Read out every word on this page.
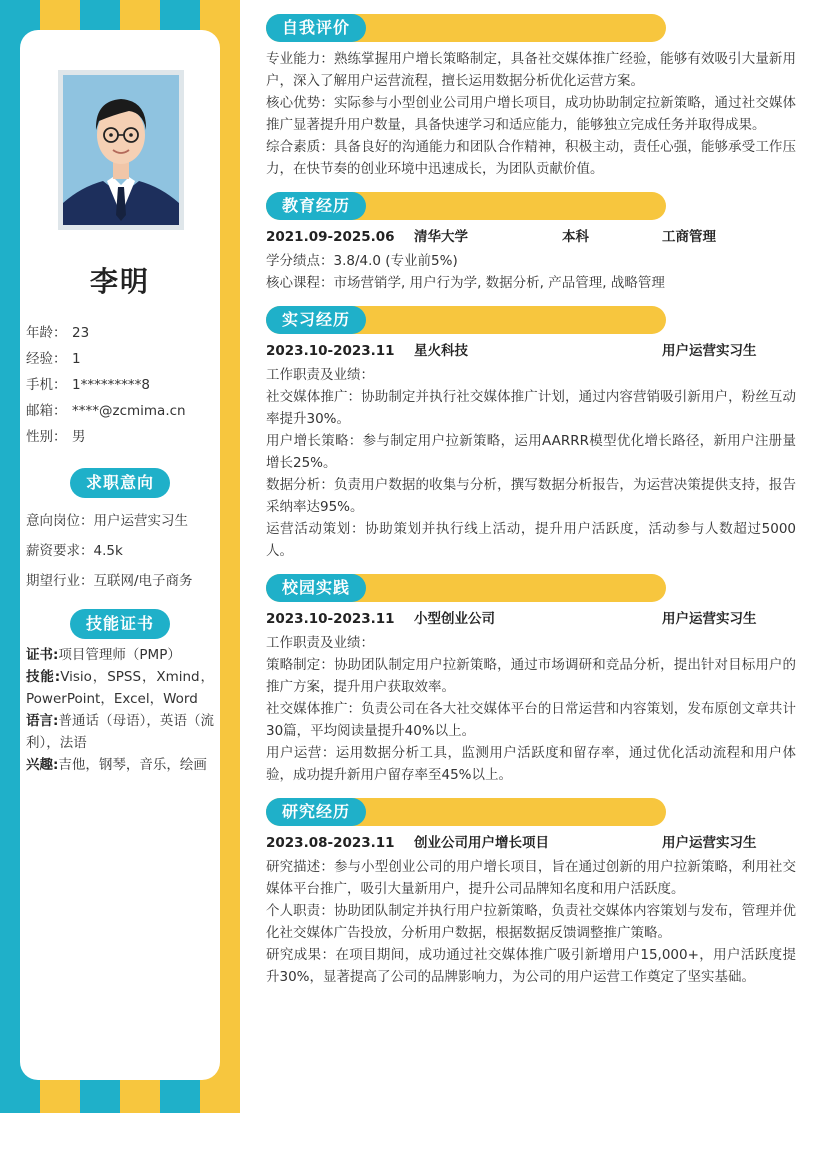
李明
年龄： 23
经验： 1
手机： 1*********8
邮箱： ****@zcmima.cn
性别： 男
求职意向
意向岗位：用户运营实习生
薪资要求：4.5k
期望行业：互联网/电子商务
技能证书

证书:项目管理师（PMP）

技能:Visio，SPSS，Xmind，PowerPoint，Excel，Word

语言:普通话（母语），英语（流利），法语

兴趣:吉他，钢琴，音乐，绘画

自我评价

专业能力：熟练掌握用户增长策略制定，具备社交媒体推广经验，能够有效吸引大量新用户，深入了解用户运营流程，擅长运用数据分析优化运营方案。

核心优势：实际参与小型创业公司用户增长项目，成功协助制定拉新策略，通过社交媒体推广显著提升用户数量，具备快速学习和适应能力，能够独立完成任务并取得成果。

综合素质：具备良好的沟通能力和团队合作精神，积极主动，责任心强，能够承受工作压力，在快节奏的创业环境中迅速成长，为团队贡献价值。

教育经历
2021.09-2025.06	清华大学	本科	工商管理

学分绩点：3.8/4.0 (专业前5%)

核心课程：市场营销学, 用户行为学, 数据分析, 产品管理, 战略管理

实习经历
2023.10-2023.11	星火科技	用户运营实习生

工作职责及业绩：

社交媒体推广：协助制定并执行社交媒体推广计划，通过内容营销吸引新用户，粉丝互动率提升30%。

用户增长策略：参与制定用户拉新策略，运用AARRR模型优化增长路径，新用户注册量增长25%。

数据分析：负责用户数据的收集与分析，撰写数据分析报告，为运营决策提供支持，报告采纳率达95%。

运营活动策划：协助策划并执行线上活动，提升用户活跃度，活动参与人数超过5000人。

校园实践
2023.10-2023.11	小型创业公司	用户运营实习生

工作职责及业绩：

策略制定：协助团队制定用户拉新策略，通过市场调研和竞品分析，提出针对目标用户的推广方案，提升用户获取效率。

社交媒体推广：负责公司在各大社交媒体平台的日常运营和内容策划，发布原创文章共计30篇，平均阅读量提升40%以上。

用户运营：运用数据分析工具，监测用户活跃度和留存率，通过优化活动流程和用户体验，成功提升新用户留存率至45%以上。

研究经历
2023.08-2023.11	创业公司用户增长项目	用户运营实习生

研究描述：参与小型创业公司的用户增长项目，旨在通过创新的用户拉新策略，利用社交媒体平台推广，吸引大量新用户，提升公司品牌知名度和用户活跃度。

个人职责：协助团队制定并执行用户拉新策略，负责社交媒体内容策划与发布，管理并优化社交媒体广告投放，分析用户数据，根据数据反馈调整推广策略。

研究成果：在项目期间，成功通过社交媒体推广吸引新增用户15,000+，用户活跃度提升30%，显著提高了公司的品牌影响力，为公司的用户运营工作奠定了坚实基础。
